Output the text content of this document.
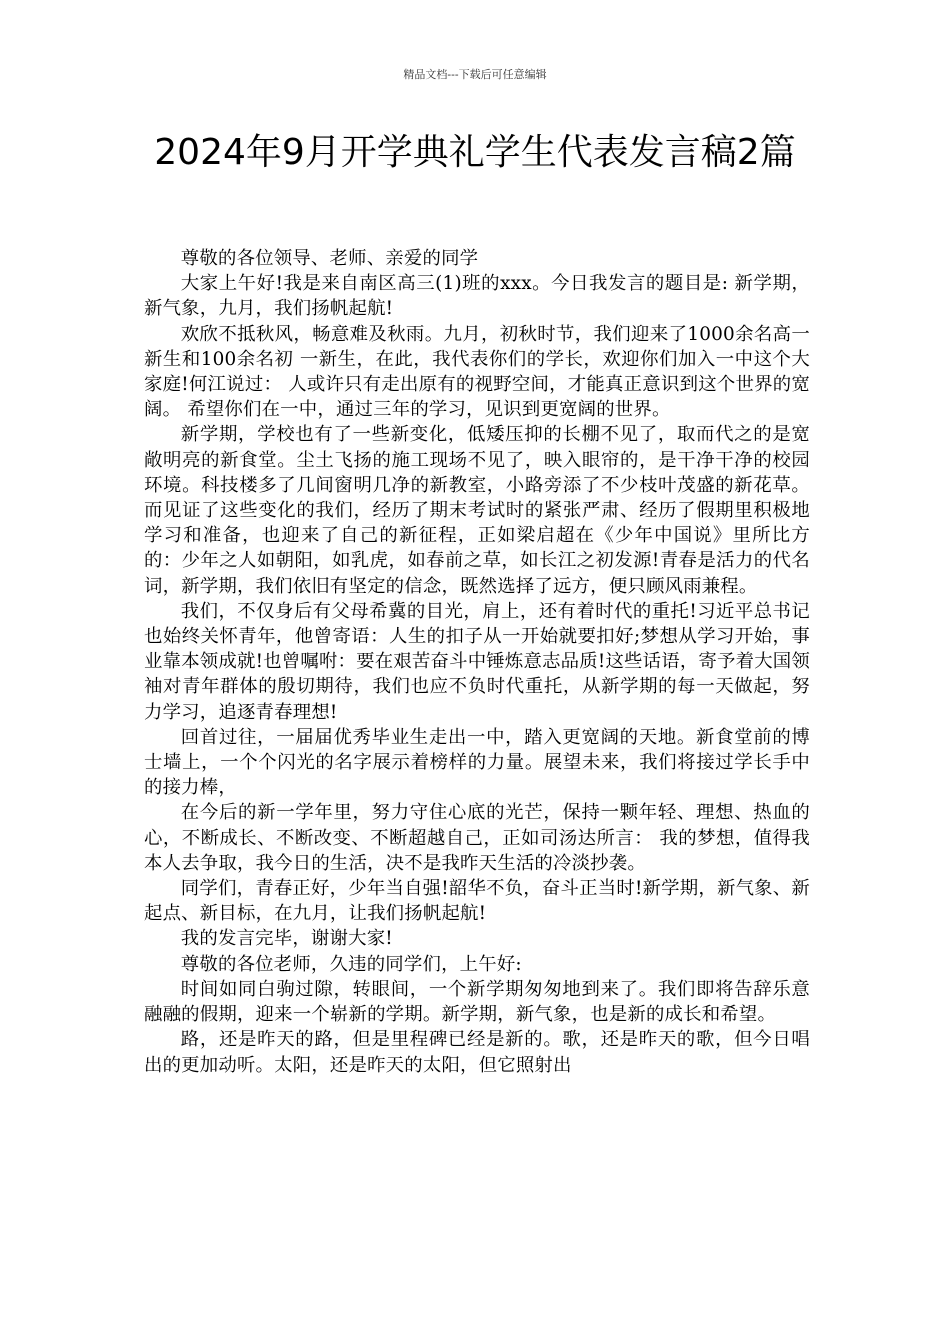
精品文档---下载后可任意编辑
2024年9月开学典礼学生代表发言稿2篇

尊敬的各位领导、老师、亲爱的同学

大家上午好!我是来自南区高三(1)班的xxx。今日我发言的题目是: 新学期，新气象，九月，我们扬帆起航!

欢欣不抵秋风，畅意难及秋雨。九月，初秋时节，我们迎来了1000余名高一新生和100余名初 一新生，在此，我代表你们的学长，欢迎你们加入一中这个大家庭!何江说过： 人或许只有走出原有的视野空间，才能真正意识到这个世界的宽阔。 希望你们在一中，通过三年的学习，见识到更宽阔的世界。

新学期，学校也有了一些新变化，低矮压抑的长棚不见了，取而代之的是宽敞明亮的新食堂。尘土飞扬的施工现场不见了，映入眼帘的，是干净干净的校园环境。科技楼多了几间窗明几净的新教室，小路旁添了不少枝叶茂盛的新花草。而见证了这些变化的我们，经历了期末考试时的紧张严肃、经历了假期里积极地学习和准备，也迎来了自己的新征程，正如梁启超在《少年中国说》里所比方的：少年之人如朝阳，如乳虎，如春前之草，如长江之初发源!青春是活力的代名词，新学期，我们依旧有坚定的信念，既然选择了远方，便只顾风雨兼程。

我们，不仅身后有父母希冀的目光，肩上，还有着时代的重托!习近平总书记也始终关怀青年，他曾寄语：人生的扣子从一开始就要扣好;梦想从学习开始，事业靠本领成就!也曾嘱咐：要在艰苦奋斗中锤炼意志品质!这些话语，寄予着大国领袖对青年群体的殷切期待，我们也应不负时代重托，从新学期的每一天做起，努力学习，追逐青春理想!

回首过往，一届届优秀毕业生走出一中，踏入更宽阔的天地。新食堂前的博士墙上，一个个闪光的名字展示着榜样的力量。展望未来，我们将接过学长手中的接力棒，

在今后的新一学年里，努力守住心底的光芒，保持一颗年轻、理想、热血的心，不断成长、不断改变、不断超越自己，正如司汤达所言： 我的梦想，值得我本人去争取，我今日的生活，决不是我昨天生活的冷淡抄袭。

同学们，青春正好，少年当自强!韶华不负，奋斗正当时!新学期，新气象、新起点、新目标，在九月，让我们扬帆起航!

我的发言完毕，谢谢大家!

尊敬的各位老师，久违的同学们，上午好:

时间如同白驹过隙，转眼间，一个新学期匆匆地到来了。我们即将告辞乐意融融的假期，迎来一个崭新的学期。新学期，新气象，也是新的成长和希望。

路，还是昨天的路，但是里程碑已经是新的。歌，还是昨天的歌，但今日唱出的更加动听。太阳，还是昨天的太阳，但它照射出
